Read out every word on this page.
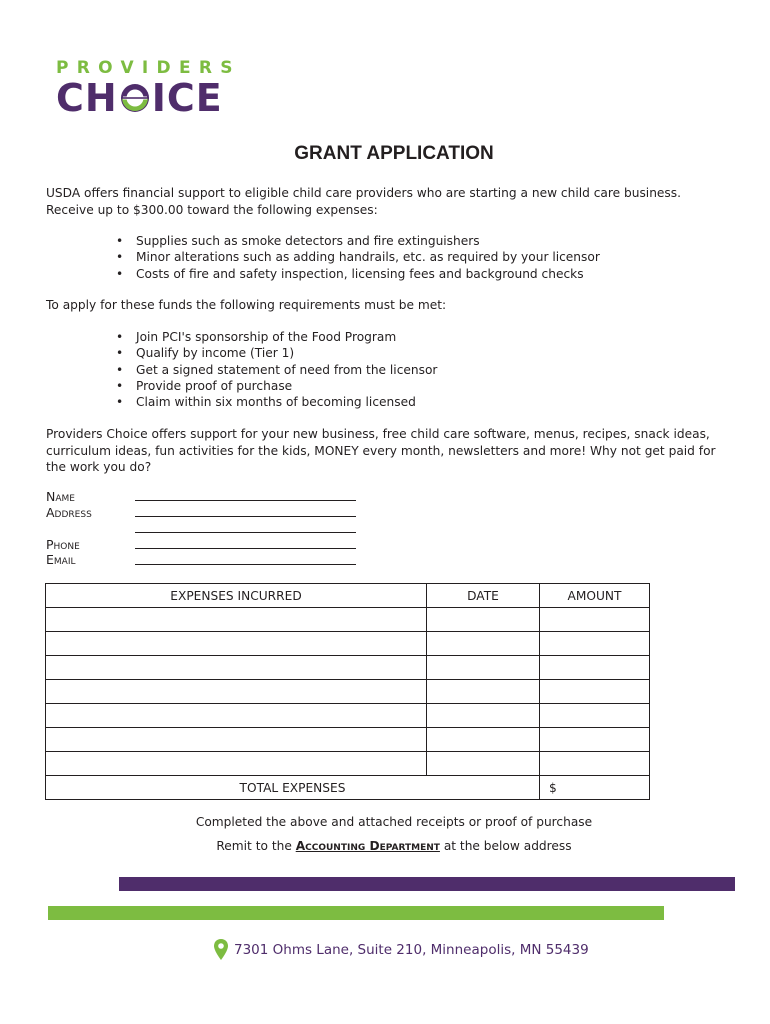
PROVIDERS
CH ICE
GRANT APPLICATION
USDA offers financial support to eligible child care providers who are starting a new child care business.
Receive up to $300.00 toward the following expenses:
• Supplies such as smoke detectors and fire extinguishers
• Minor alterations such as adding handrails, etc. as required by your licensor
• Costs of fire and safety inspection, licensing fees and background checks
To apply for these funds the following requirements must be met:
• Join PCI's sponsorship of the Food Program
• Qualify by income (Tier 1)
• Get a signed statement of need from the licensor
• Provide proof of purchase
• Claim within six months of becoming licensed
Providers Choice offers support for your new business, free child care software, menus, recipes, snack ideas, curriculum ideas, fun activities for the kids, MONEY every month, newsletters and more! Why not get paid for the work you do?
Name
Address
Phone
Email
EXPENSES INCURRED	DATE	AMOUNT

TOTAL EXPENSES		$
Completed the above and attached receipts or proof of purchase
Remit to the Accounting Department at the below address
7301 Ohms Lane, Suite 210, Minneapolis, MN 55439
